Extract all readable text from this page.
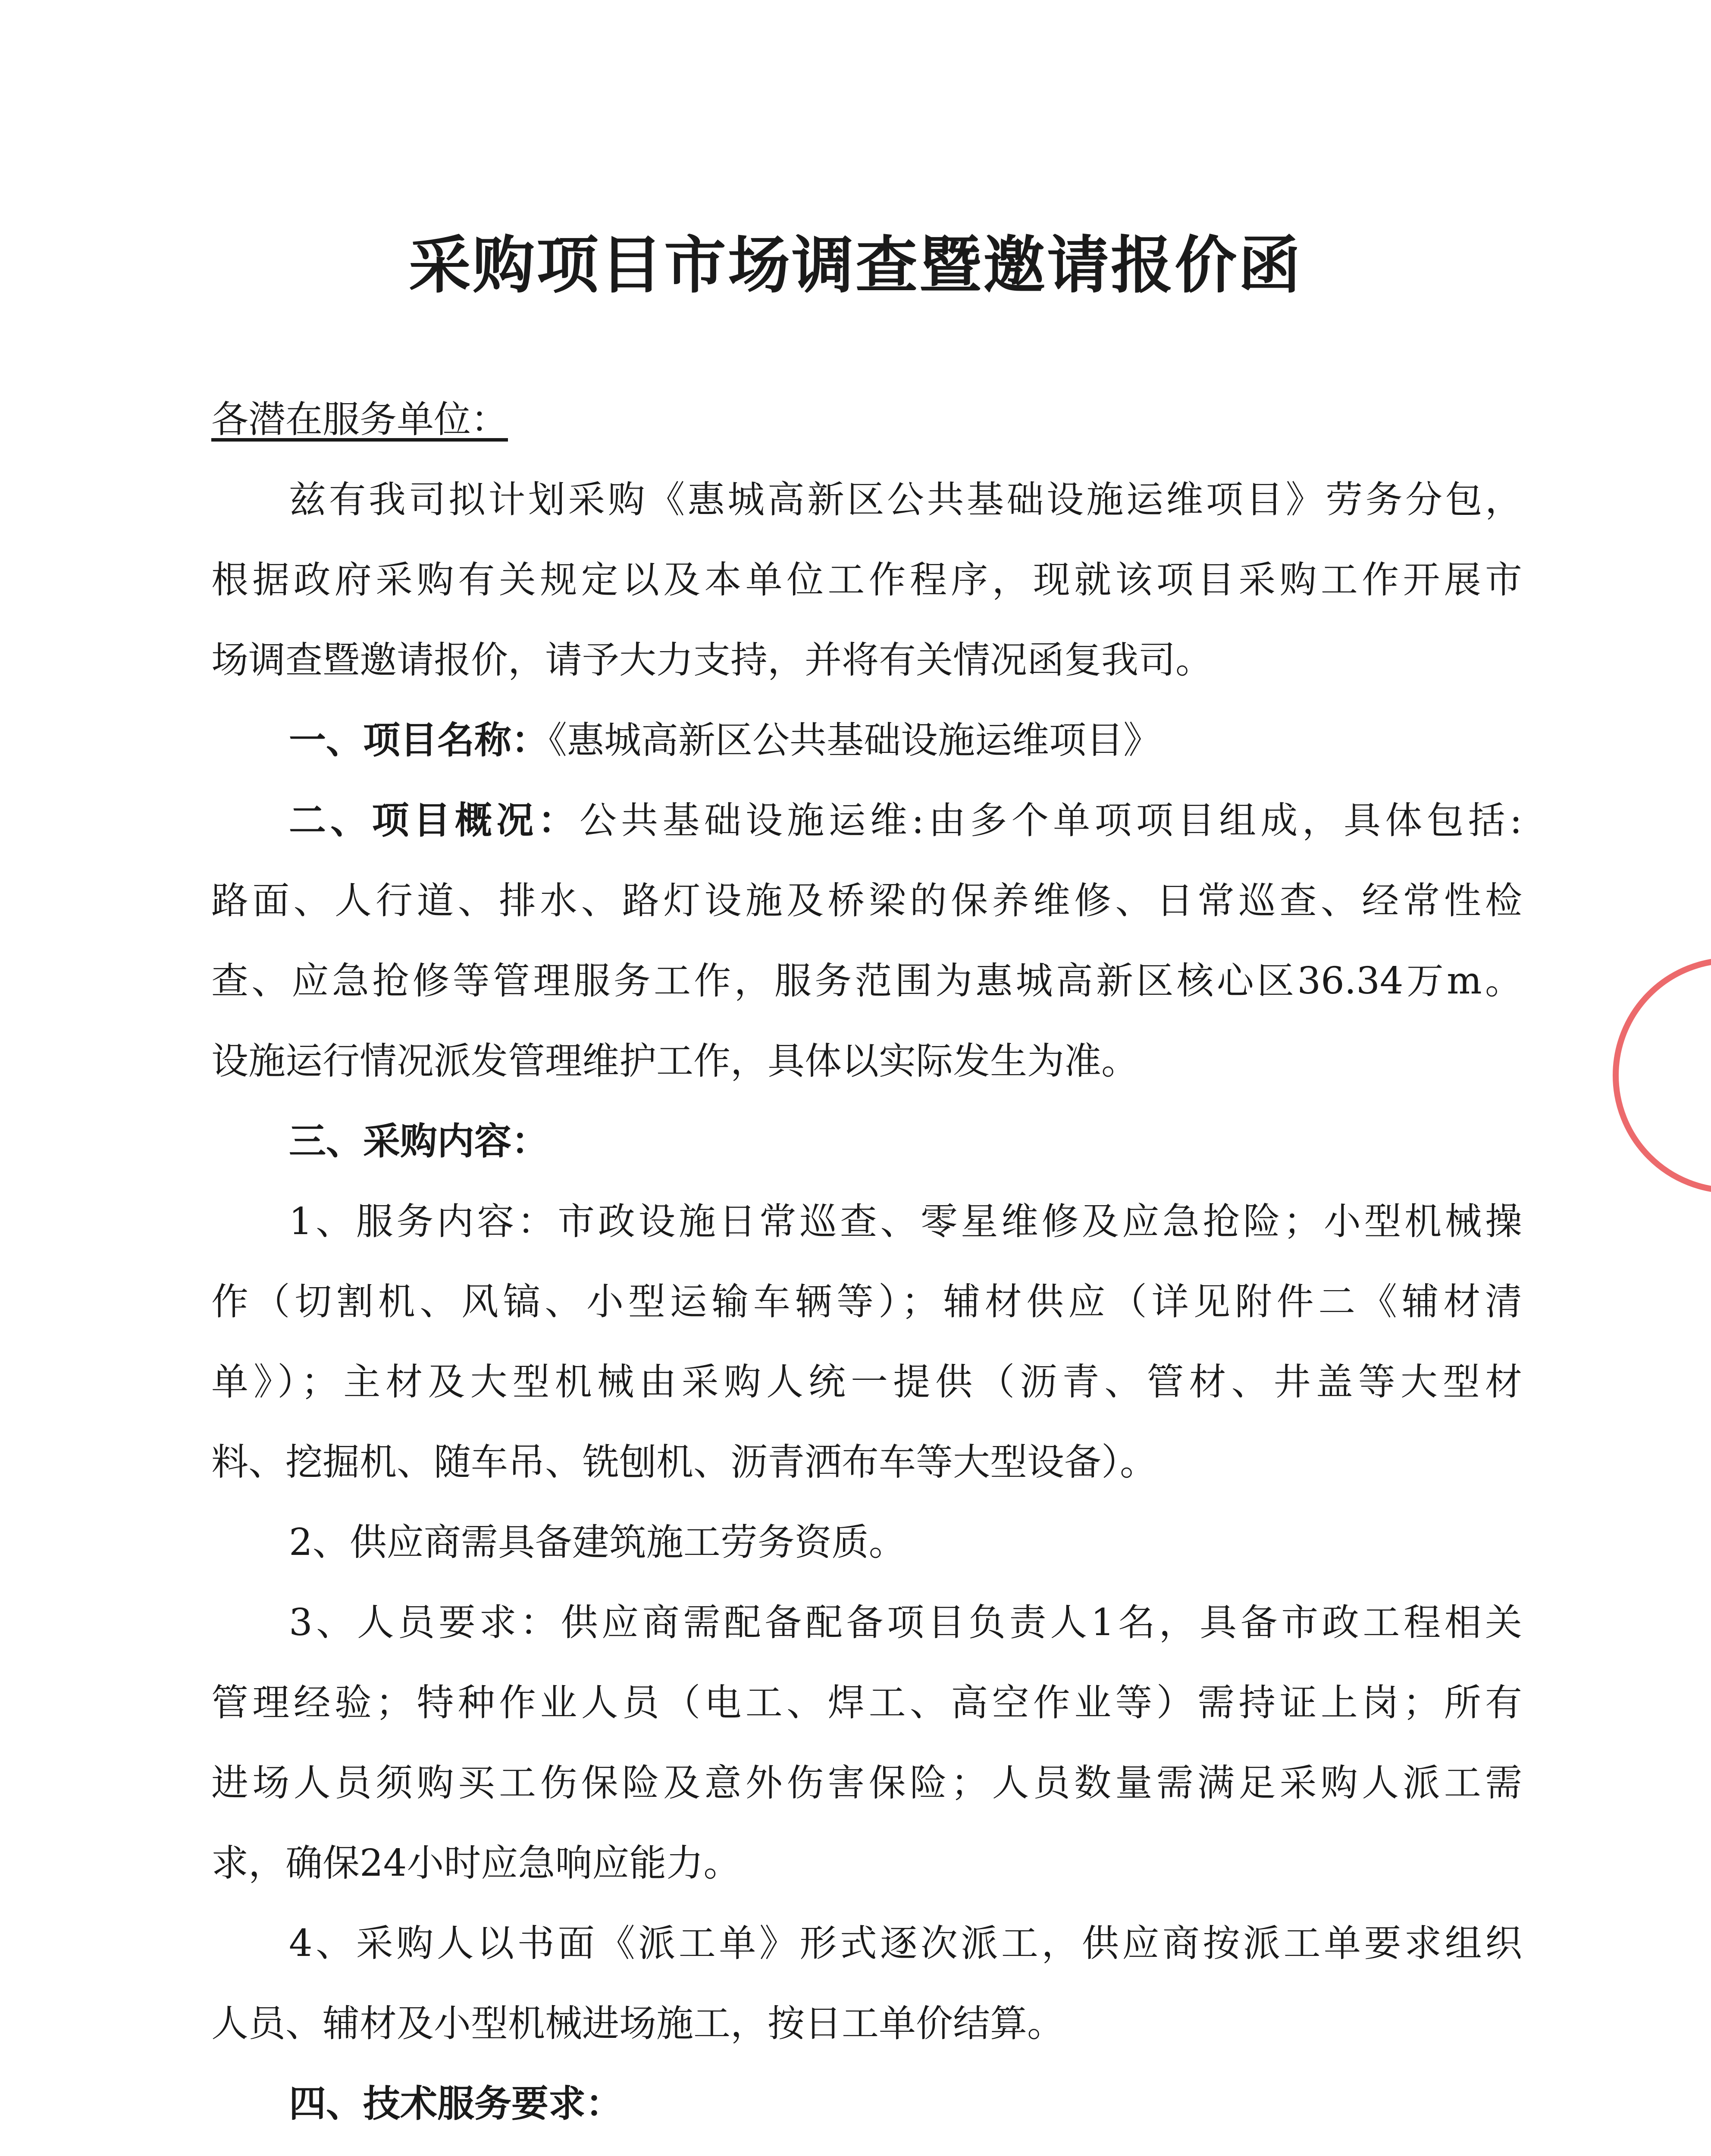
采购项目市场调查暨邀请报价函
各潜在服务单位：
兹有我司拟计划采购《惠城高新区公共基础设施运维项目》劳务分包，
根据政府采购有关规定以及本单位工作程序，现就该项目采购工作开展市
场调查暨邀请报价，请予大力支持，并将有关情况函复我司。
一、项目名称：《惠城高新区公共基础设施运维项目》
二、项目概况：公共基础设施运维:由多个单项项目组成，具体包括:
路面、人行道、排水、路灯设施及桥梁的保养维修、日常巡查、经常性检
查、应急抢修等管理服务工作，服务范围为惠城高新区核心区36.34万m。
设施运行情况派发管理维护工作，具体以实际发生为准。
三、采购内容：
1、服务内容：市政设施日常巡查、零星维修及应急抢险；小型机械操
作（切割机、风镐、小型运输车辆等）；辅材供应（详见附件二《辅材清
单》）；主材及大型机械由采购人统一提供（沥青、管材、井盖等大型材
料、挖掘机、随车吊、铣刨机、沥青洒布车等大型设备）。
2、供应商需具备建筑施工劳务资质。
3、人员要求：供应商需配备配备项目负责人1名，具备市政工程相关
管理经验；特种作业人员（电工、焊工、高空作业等）需持证上岗；所有
进场人员须购买工伤保险及意外伤害保险；人员数量需满足采购人派工需
求，确保24小时应急响应能力。
4、采购人以书面《派工单》形式逐次派工，供应商按派工单要求组织
人员、辅材及小型机械进场施工，按日工单价结算。
四、技术服务要求：
